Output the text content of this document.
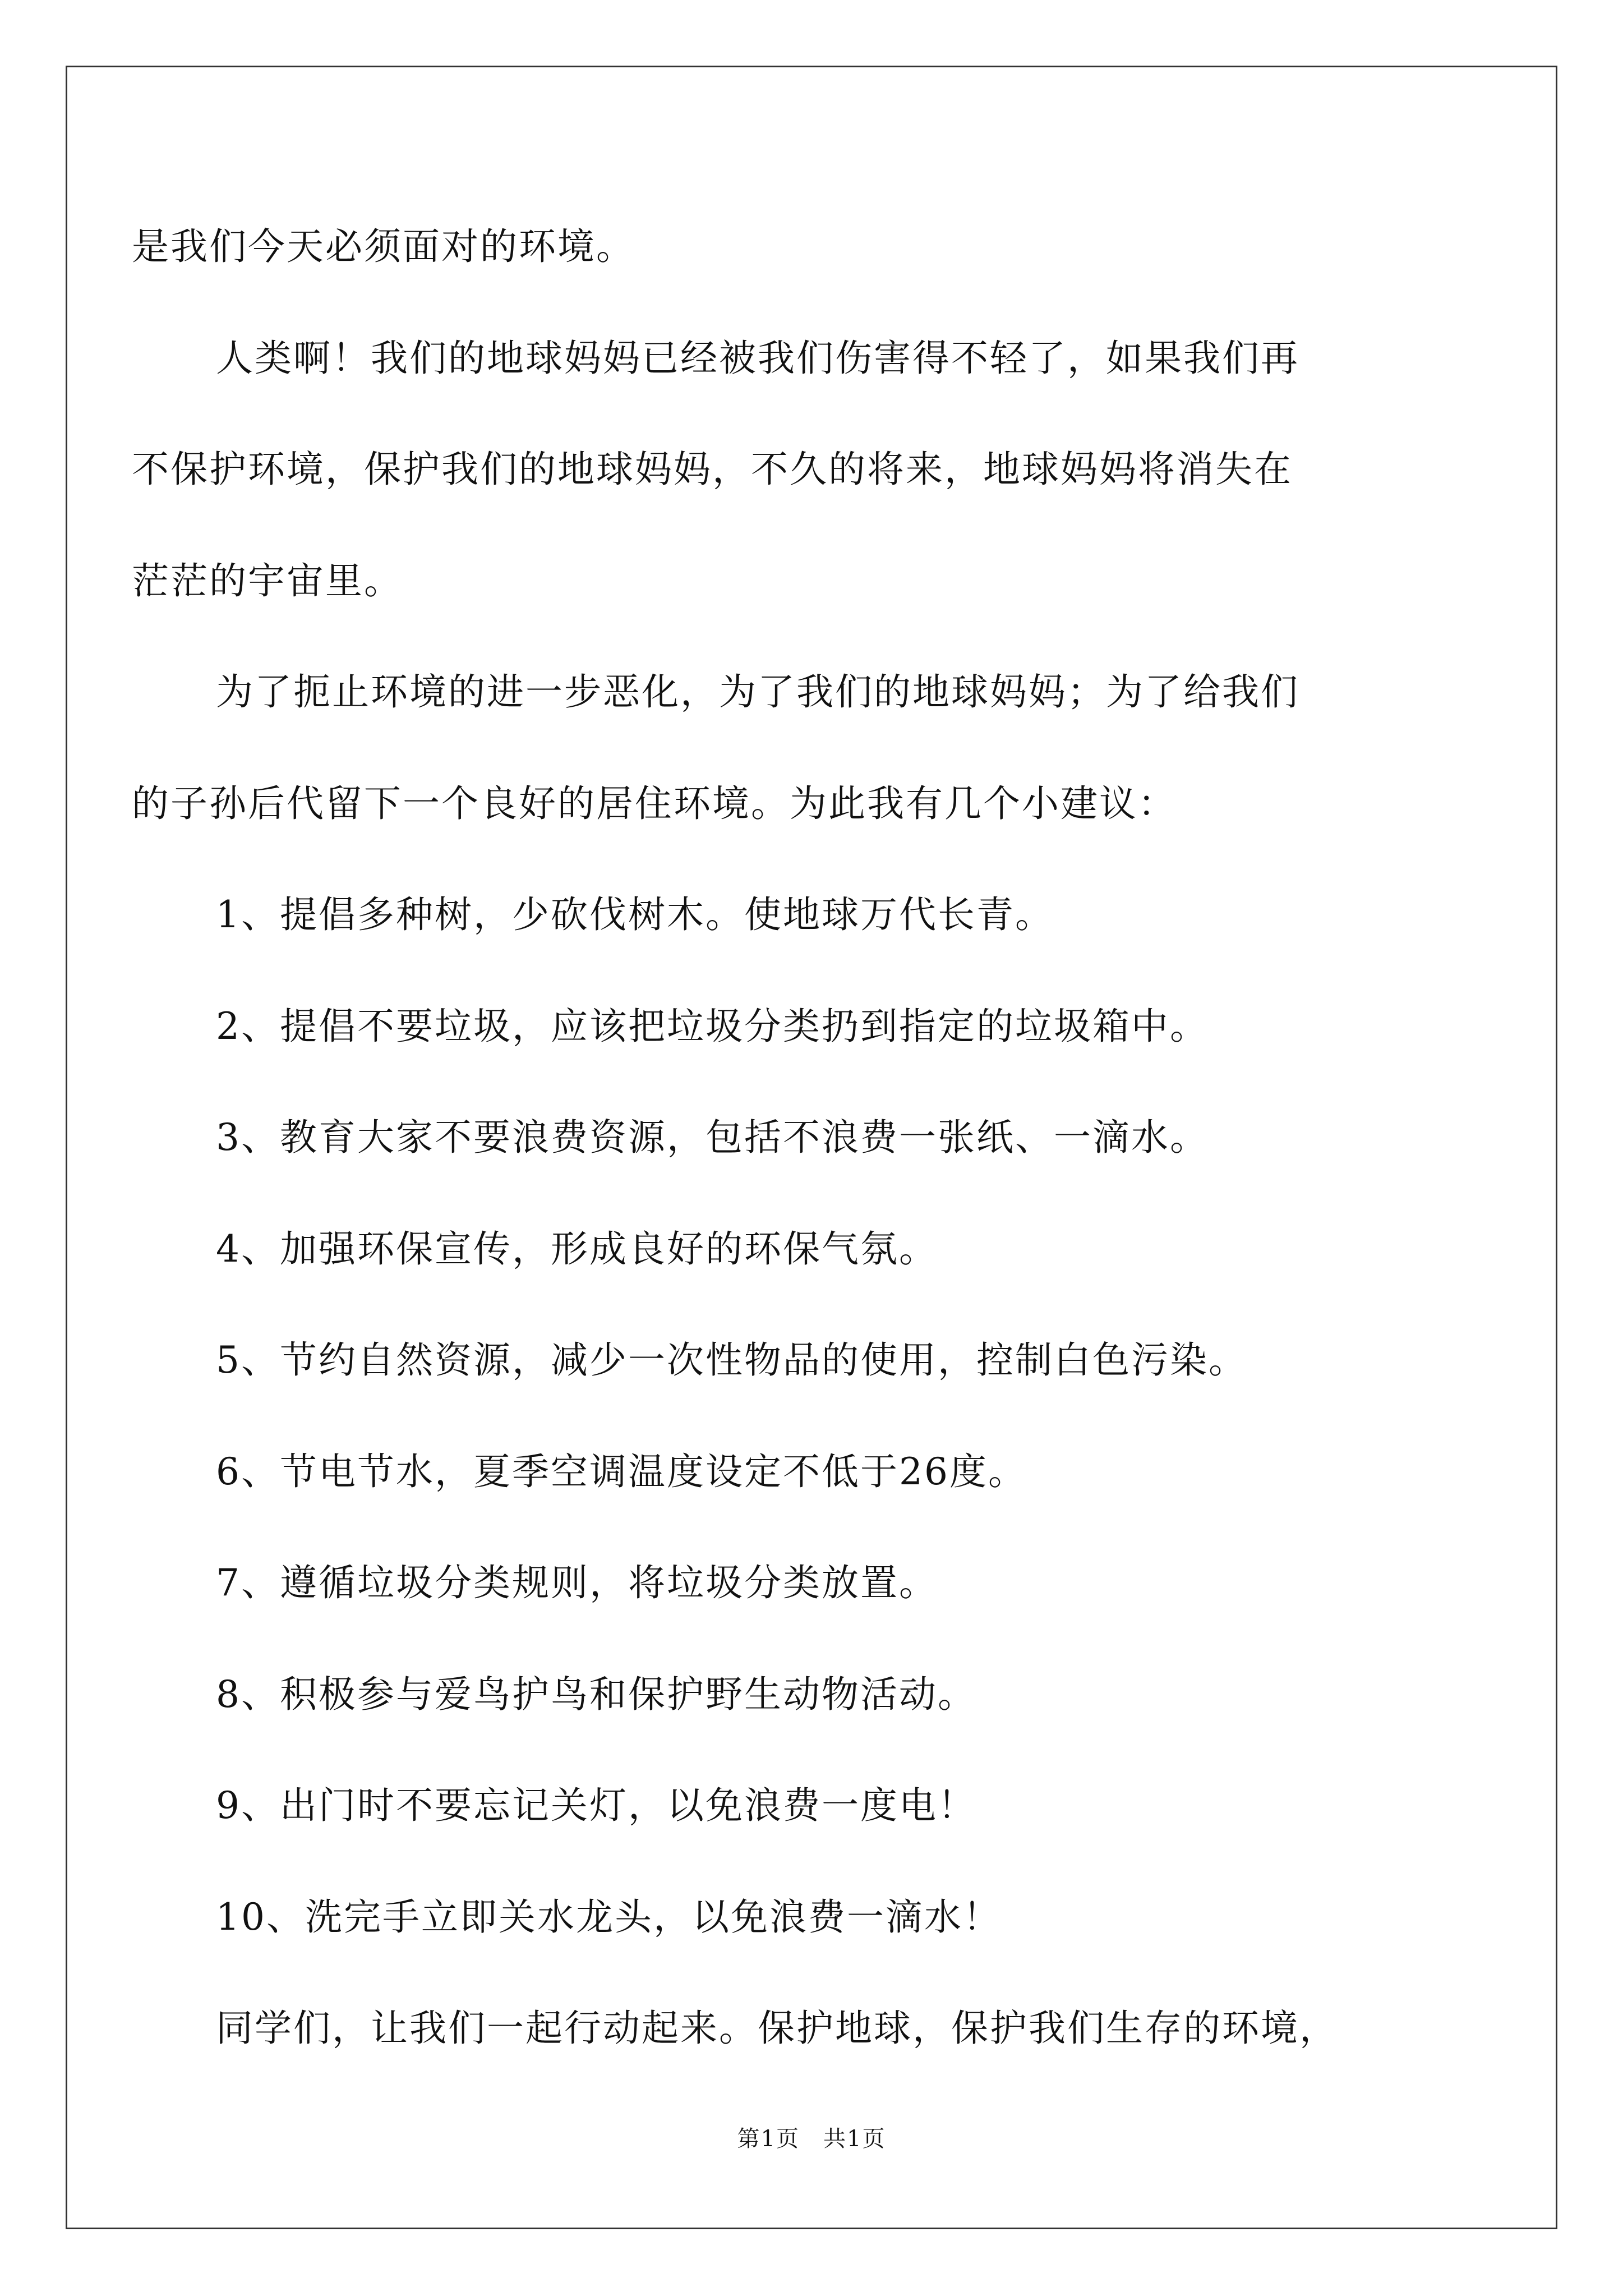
是我们今天必须面对的环境。
人类啊！我们的地球妈妈已经被我们伤害得不轻了，如果我们再
不保护环境，保护我们的地球妈妈，不久的将来，地球妈妈将消失在
茫茫的宇宙里。
为了扼止环境的进一步恶化，为了我们的地球妈妈；为了给我们
的子孙后代留下一个良好的居住环境。为此我有几个小建议：
1、提倡多种树，少砍伐树木。使地球万代长青。
2、提倡不要垃圾，应该把垃圾分类扔到指定的垃圾箱中。
3、教育大家不要浪费资源，包括不浪费一张纸、一滴水。
4、加强环保宣传，形成良好的环保气氛。
5、节约自然资源，减少一次性物品的使用，控制白色污染。
6、节电节水，夏季空调温度设定不低于26度。
7、遵循垃圾分类规则，将垃圾分类放置。
8、积极参与爱鸟护鸟和保护野生动物活动。
9、出门时不要忘记关灯，以免浪费一度电！
10、洗完手立即关水龙头，以免浪费一滴水！
同学们，让我们一起行动起来。保护地球，保护我们生存的环境，
第1页　共1页
